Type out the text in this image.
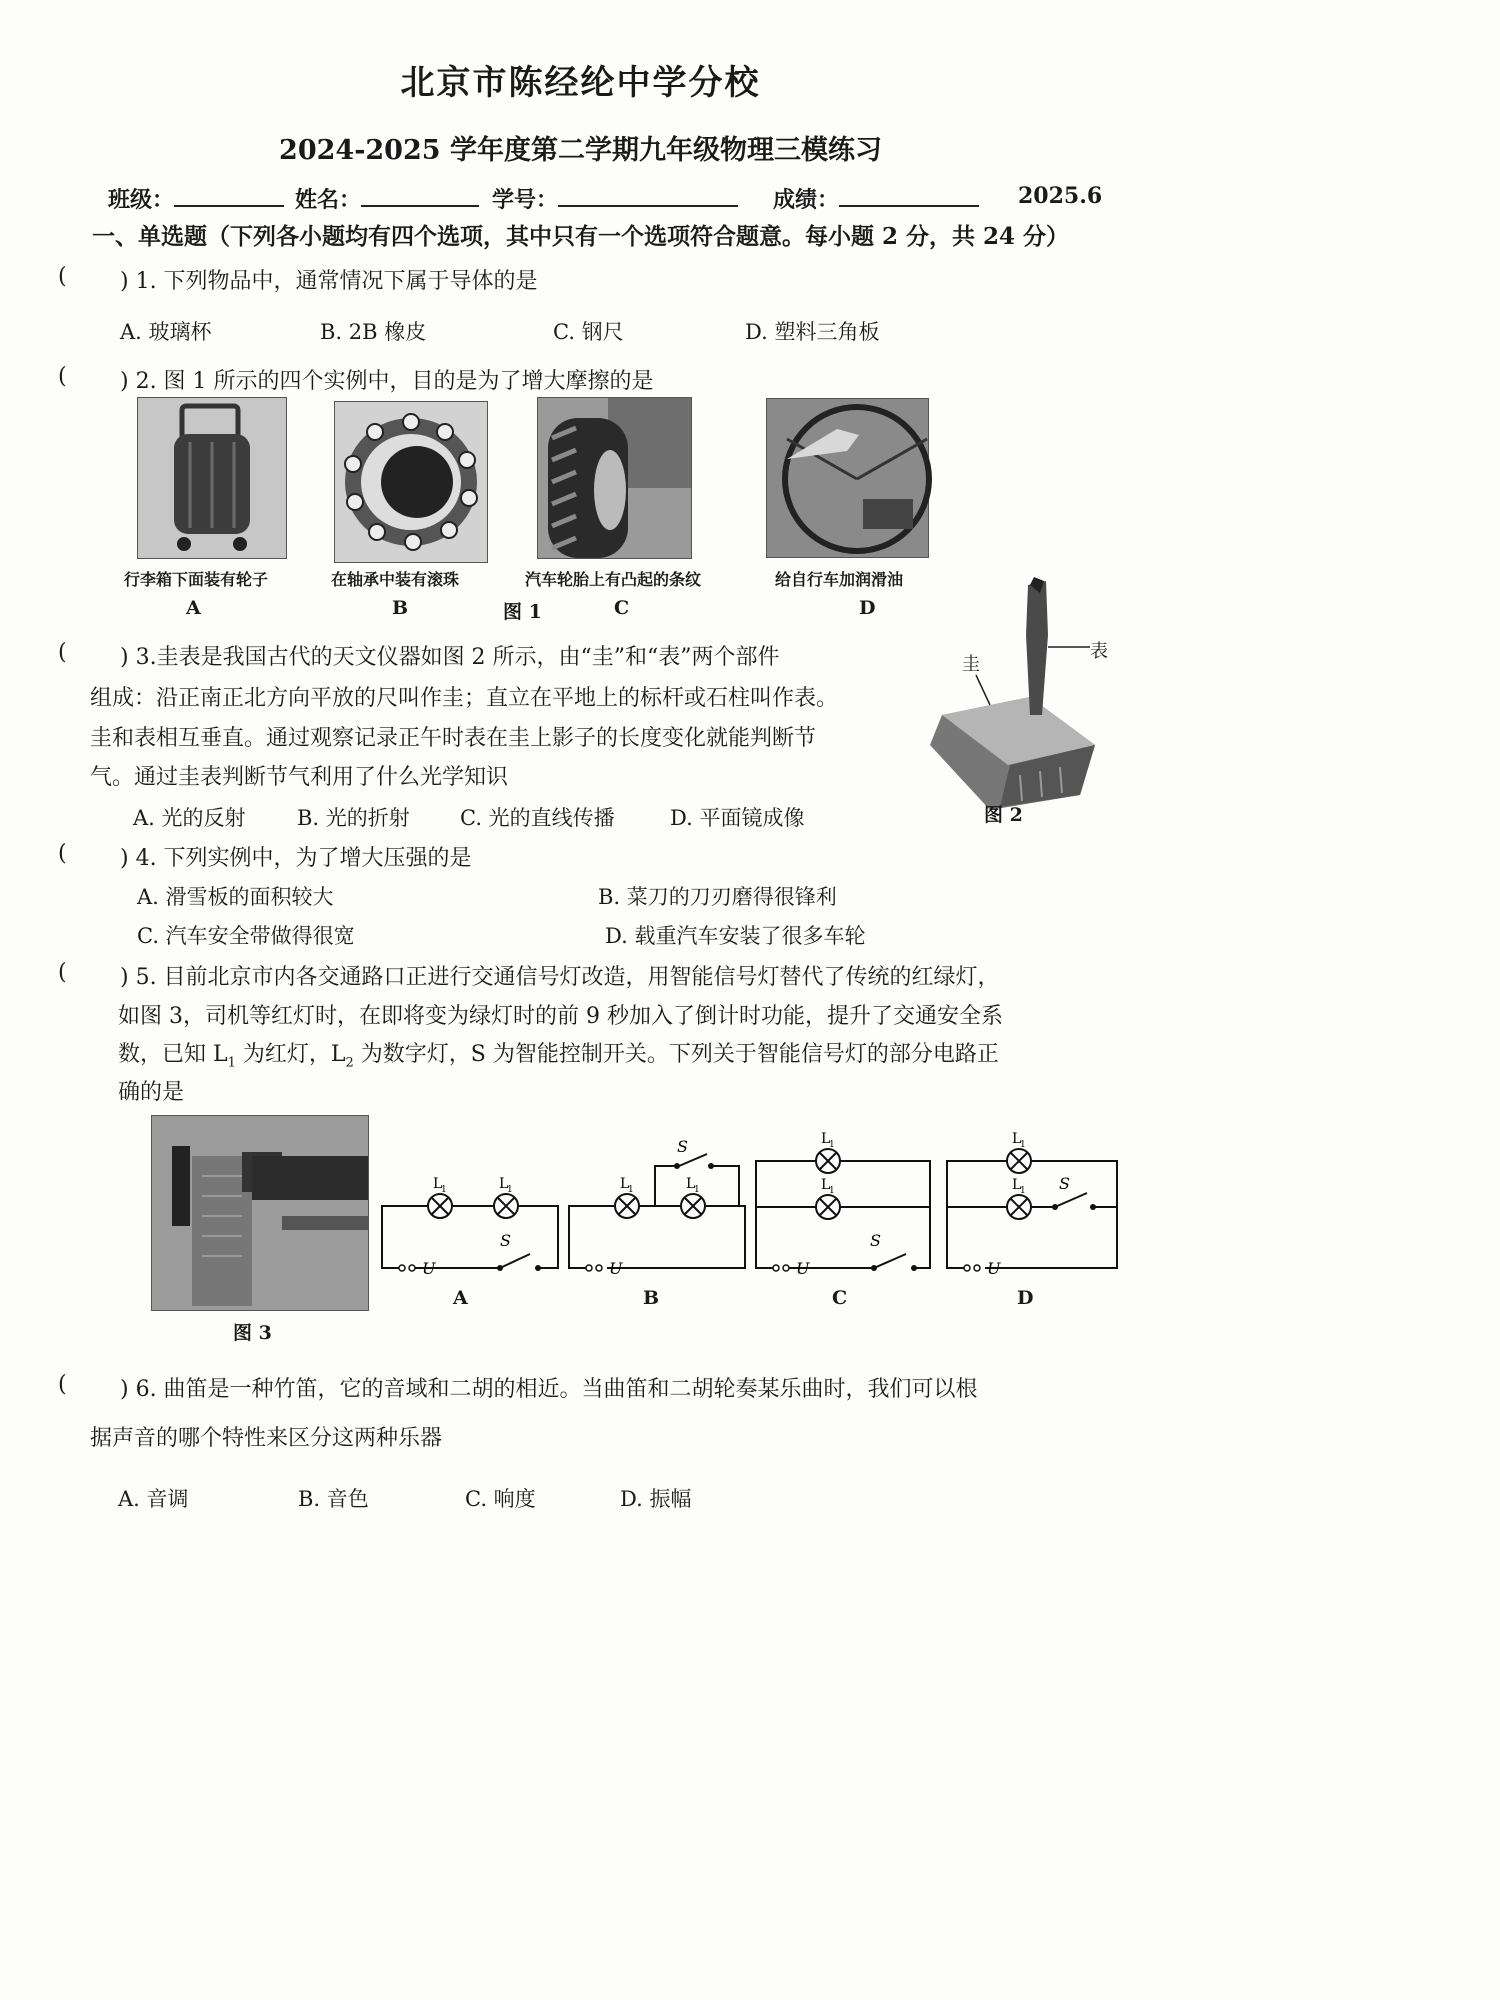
北京市陈经纶中学分校
2024-2025 学年度第二学期九年级物理三模练习
班级：	姓名：	学号：	成绩：	2025.6
一、单选题（下列各小题均有四个选项，其中只有一个选项符合题意。每小题 2 分，共 24 分）
( ) 1. 下列物品中，通常情况下属于导体的是
A. 玻璃杯	B. 2B 橡皮	C. 钢尺	D. 塑料三角板
( ) 2. 图 1 所示的四个实例中，目的是为了增大摩擦的是
行李箱下面装有轮子	在轴承中装有滚珠	汽车轮胎上有凸起的条纹	给自行车加润滑油
A	B	图 1	C	D
( ) 3.圭表是我国古代的天文仪器如图 2 所示，由“圭”和“表”两个部件
组成：沿正南正北方向平放的尺叫作圭；直立在平地上的标杆或石柱叫作表。
圭和表相互垂直。通过观察记录正午时表在圭上影子的长度变化就能判断节
气。通过圭表判断节气利用了什么光学知识
A. 光的反射 B. 光的折射 C. 光的直线传播	D. 平面镜成像
表
圭
图 2
( ) 4. 下列实例中，为了增大压强的是
A. 滑雪板的面积较大	B. 菜刀的刀刃磨得很锋利
C. 汽车安全带做得很宽	D. 载重汽车安装了很多车轮
( ) 5. 目前北京市内各交通路口正进行交通信号灯改造，用智能信号灯替代了传统的红绿灯，
如图 3，司机等红灯时，在即将变为绿灯时的前 9 秒加入了倒计时功能，提升了交通安全系
数，已知 $L_1$ 为红灯，$L_2$ 为数字灯，S 为智能控制开关。下列关于智能信号灯的部分电路正
确的是
图 3
L
1	L
1
S
U
A
L
1	L
1
S
U
B
L
1
L
1
S
U
C
L
1
L
1 S
U
D
( ) 6. 曲笛是一种竹笛，它的音域和二胡的相近。当曲笛和二胡轮奏某乐曲时，我们可以根
据声音的哪个特性来区分这两种乐器
A. 音调	B. 音色	C. 响度	D. 振幅
